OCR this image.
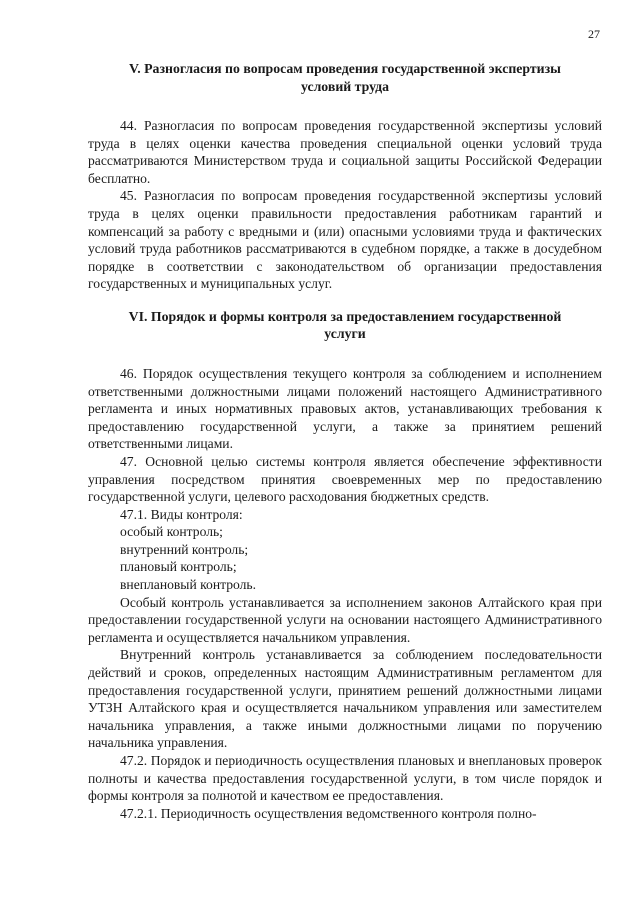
27
V. Разногласия по вопросам проведения государственной экспертизы условий труда

44. Разногласия по вопросам проведения государственной экспертизы условий труда в целях оценки качества проведения специальной оценки условий труда рассматриваются Министерством труда и социальной защиты Российской Федерации бесплатно.

45. Разногласия по вопросам проведения государственной экспертизы условий труда в целях оценки правильности предоставления работникам гарантий и компенсаций за работу с вредными и (или) опасными условиями труда и фактических условий труда работников рассматриваются в судебном порядке, а также в досудебном порядке в соответствии с законодательством об организации предоставления государственных и муниципальных услуг.

VI. Порядок и формы контроля за предоставлением государственной услуги

46. Порядок осуществления текущего контроля за соблюдением и исполнением ответственными должностными лицами положений настоящего Административного регламента и иных нормативных правовых актов, устанавливающих требования к предоставлению государственной услуги, а также за принятием решений ответственными лицами.

47. Основной целью системы контроля является обеспечение эффективности управления посредством принятия своевременных мер по предоставлению государственной услуги, целевого расходования бюджетных средств.

47.1. Виды контроля:

особый контроль;
внутренний контроль;
плановый контроль;
внеплановый контроль.

Особый контроль устанавливается за исполнением законов Алтайского края при предоставлении государственной услуги на основании настоящего Административного регламента и осуществляется начальником управления.

Внутренний контроль устанавливается за соблюдением последовательности действий и сроков, определенных настоящим Административным регламентом для предоставления государственной услуги, принятием решений должностными лицами УТЗН Алтайского края и осуществляется начальником управления или заместителем начальника управления, а также иными должностными лицами по поручению начальника управления.

47.2. Порядок и периодичность осуществления плановых и внеплановых проверок полноты и качества предоставления государственной услуги, в том числе порядок и формы контроля за полнотой и качеством ее предоставления.

47.2.1. Периодичность осуществления ведомственного контроля полно-
